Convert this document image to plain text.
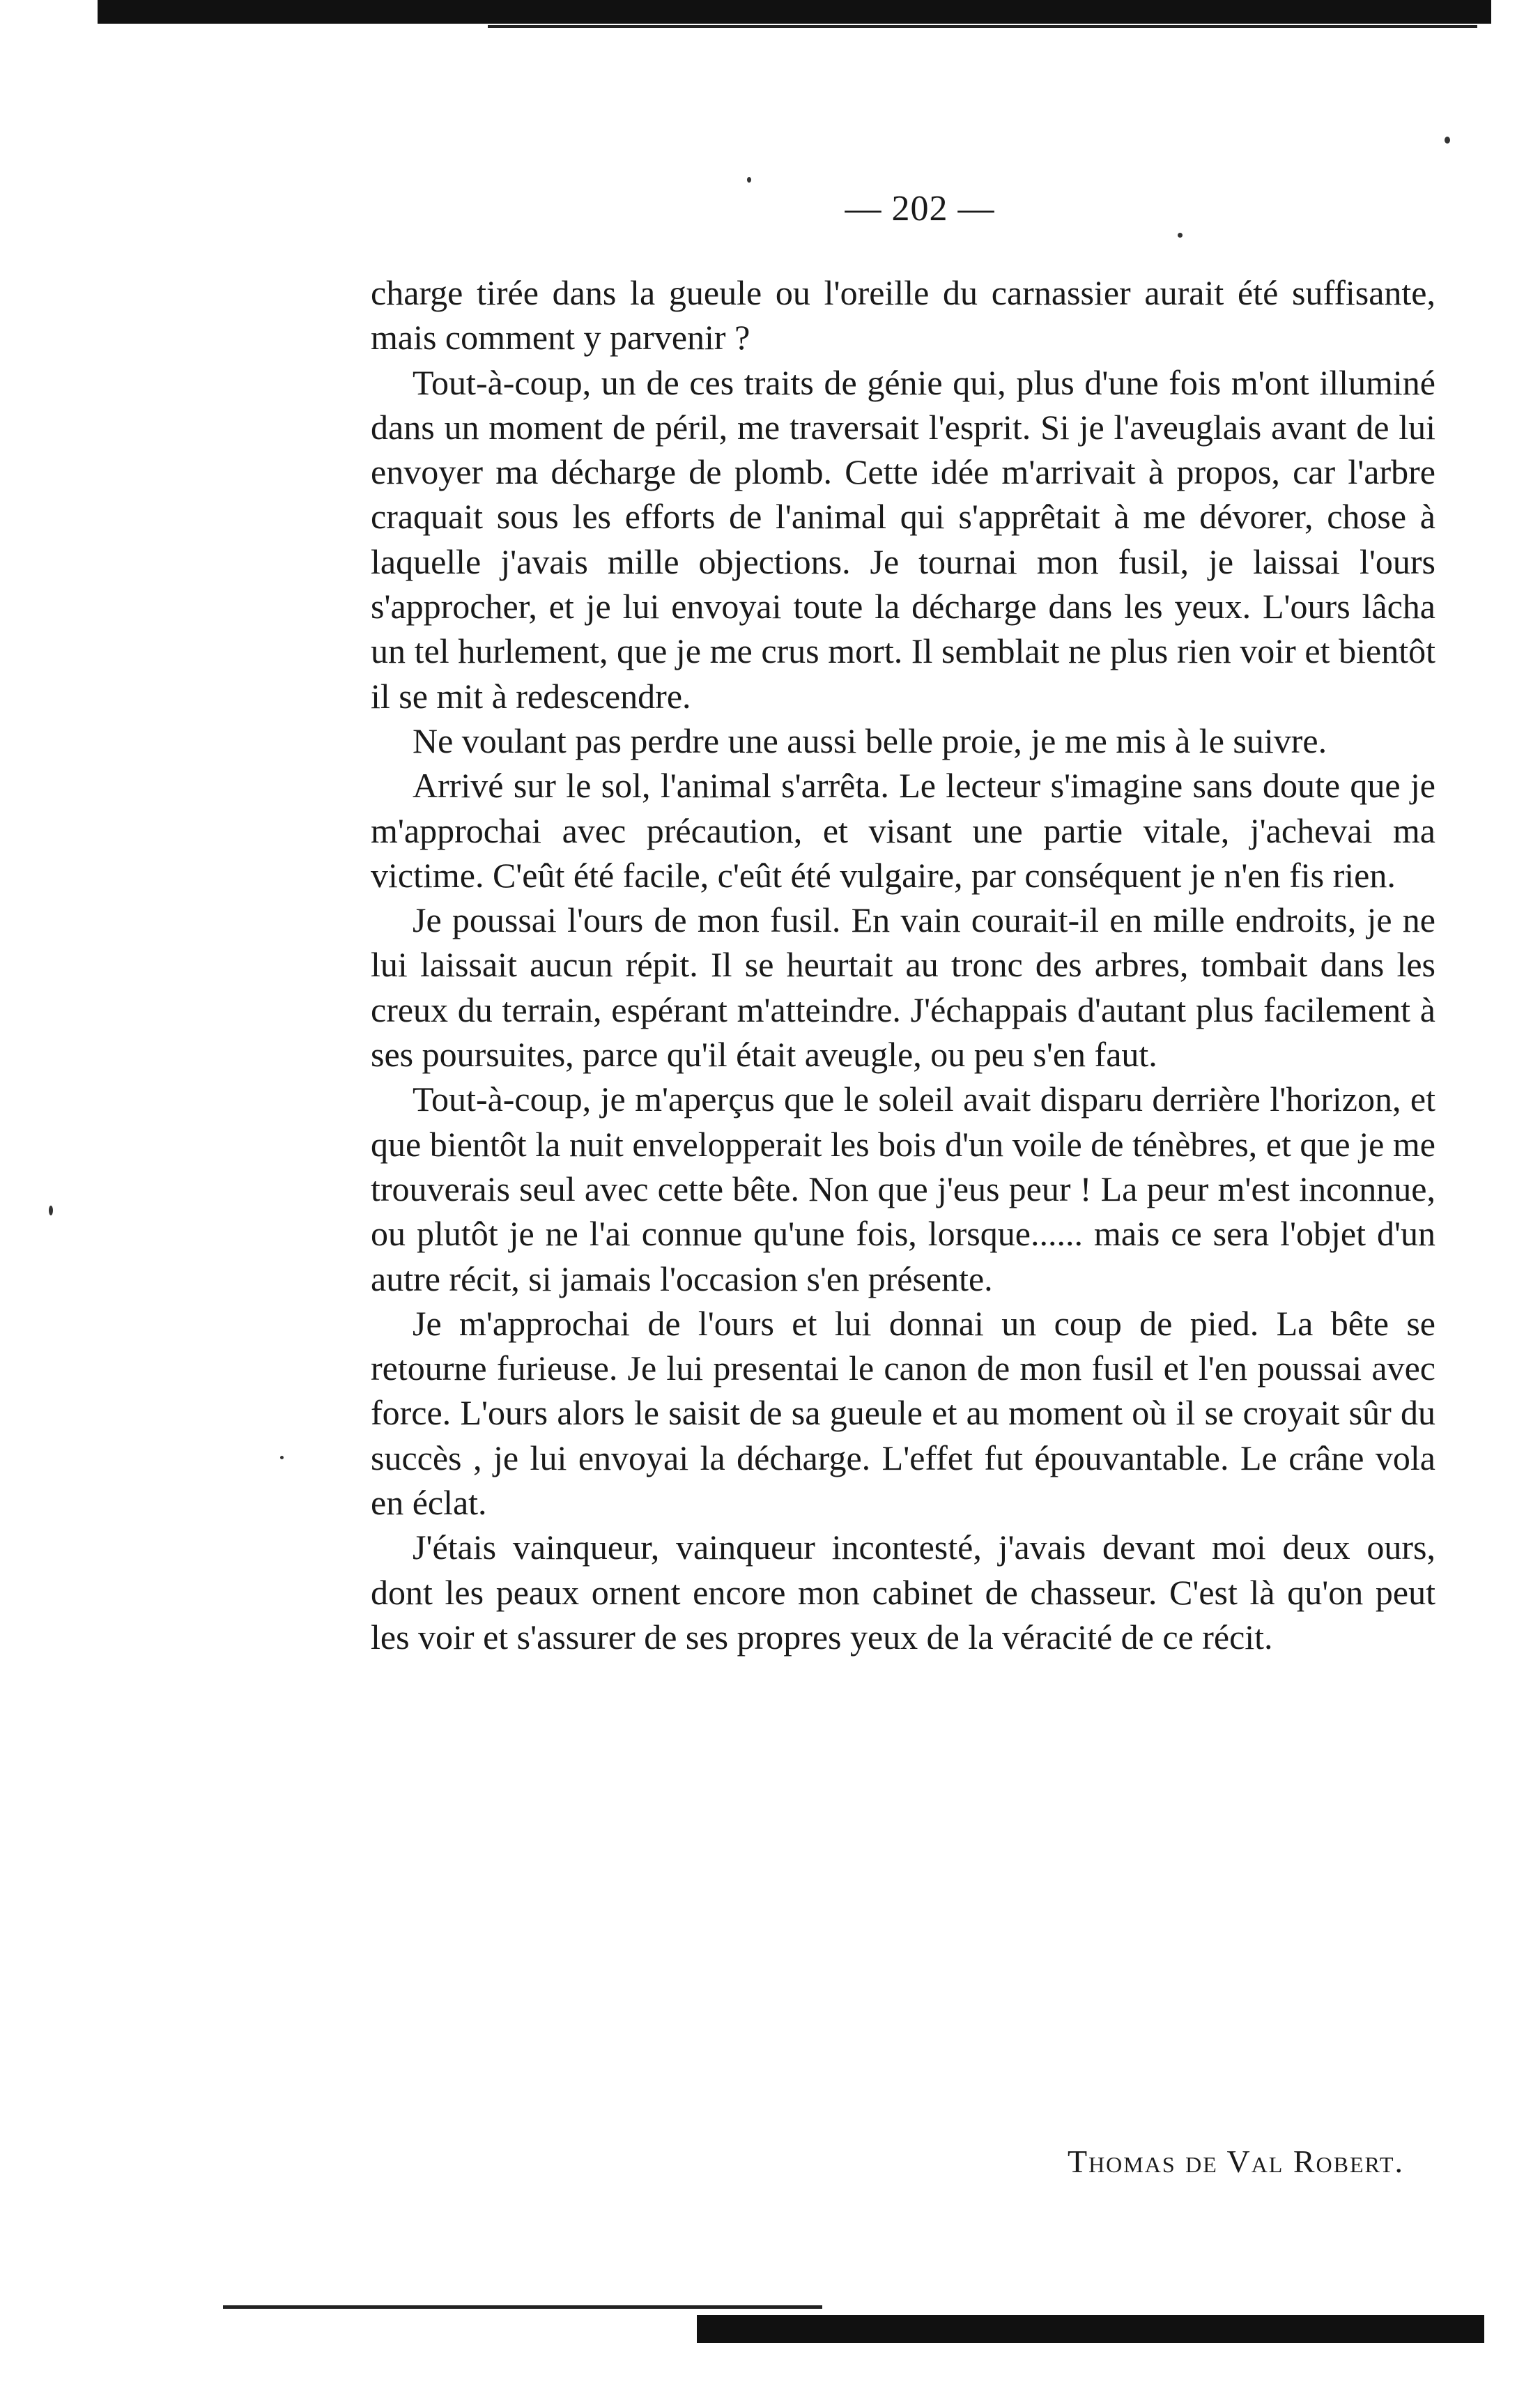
— 202 —

charge tirée dans la gueule ou l'oreille du carnassier aurait été suffisante, mais comment y parvenir ?

Tout-à-coup, un de ces traits de génie qui, plus d'une fois m'ont illuminé dans un moment de péril, me traversait l'esprit. Si je l'aveuglais avant de lui envoyer ma décharge de plomb. Cette idée m'arrivait à propos, car l'arbre craquait sous les efforts de l'animal qui s'apprêtait à me dévorer, chose à laquelle j'avais mille objections. Je tournai mon fusil, je laissai l'ours s'approcher, et je lui envoyai toute la décharge dans les yeux. L'ours lâcha un tel hurlement, que je me crus mort. Il semblait ne plus rien voir et bientôt il se mit à redescendre.

Ne voulant pas perdre une aussi belle proie, je me mis à le suivre.

Arrivé sur le sol, l'animal s'arrêta. Le lecteur s'imagine sans doute que je m'approchai avec précaution, et visant une partie vitale, j'achevai ma victime. C'eût été facile, c'eût été vulgaire, par conséquent je n'en fis rien.

Je poussai l'ours de mon fusil. En vain courait-il en mille endroits, je ne lui laissait aucun répit. Il se heurtait au tronc des arbres, tombait dans les creux du terrain, espérant m'atteindre. J'échappais d'autant plus facilement à ses poursuites, parce qu'il était aveugle, ou peu s'en faut.

Tout-à-coup, je m'aperçus que le soleil avait disparu derrière l'horizon, et que bientôt la nuit envelopperait les bois d'un voile de ténèbres, et que je me trouverais seul avec cette bête. Non que j'eus peur ! La peur m'est inconnue, ou plutôt je ne l'ai connue qu'une fois, lorsque...... mais ce sera l'objet d'un autre récit, si jamais l'occasion s'en présente.

Je m'approchai de l'ours et lui donnai un coup de pied. La bête se retourne furieuse. Je lui presentai le canon de mon fusil et l'en poussai avec force. L'ours alors le saisit de sa gueule et au moment où il se croyait sûr du succès , je lui envoyai la décharge. L'effet fut épouvantable. Le crâne vola en éclat.

J'étais vainqueur, vainqueur incontesté, j'avais devant moi deux ours, dont les peaux ornent encore mon cabinet de chasseur. C'est là qu'on peut les voir et s'assurer de ses propres yeux de la véracité de ce récit.

Thomas de Val Robert.
